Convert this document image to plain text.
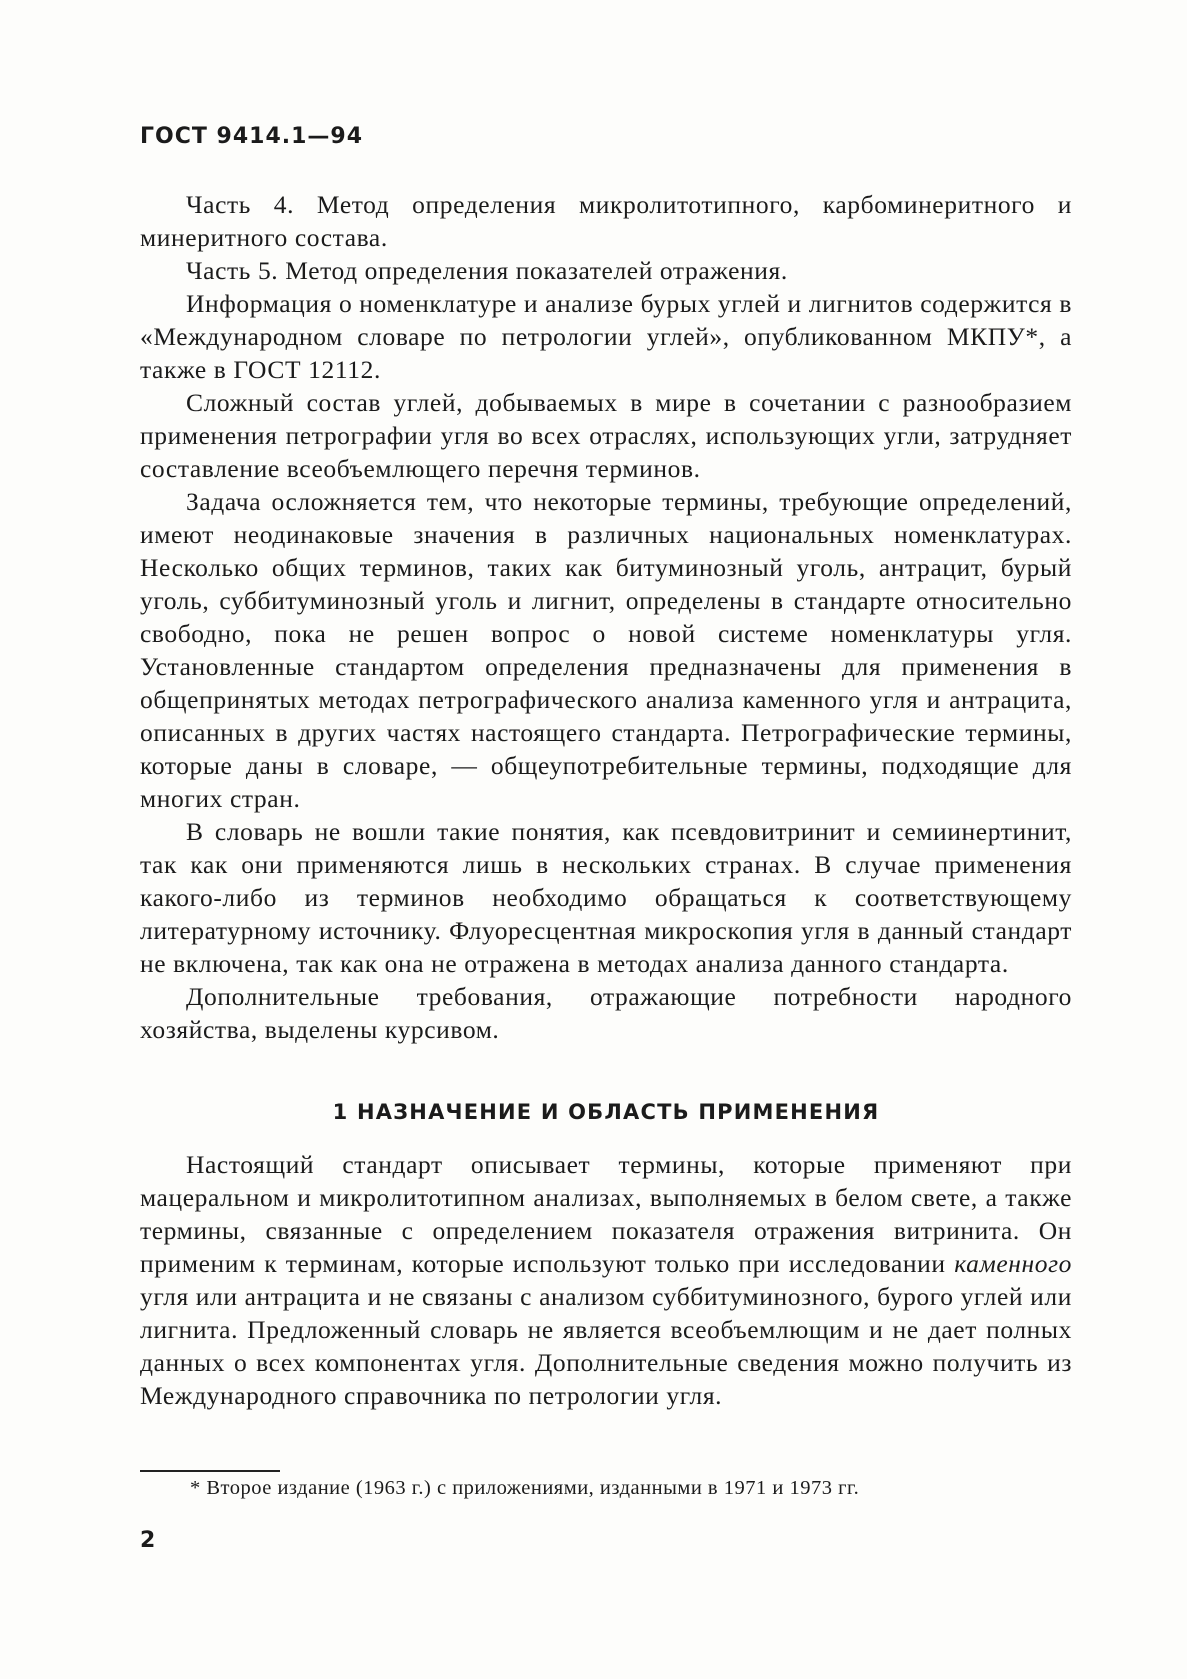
ГОСТ 9414.1—94

Часть 4. Метод определения микролитотипного, карбоминеритного и минеритного состава.

Часть 5. Метод определения показателей отражения.

Информация о номенклатуре и анализе бурых углей и лигнитов содержится в «Международном словаре по петрологии углей», опубликованном МКПУ*, а также в ГОСТ 12112.

Сложный состав углей, добываемых в мире в сочетании с разнообразием применения петрографии угля во всех отраслях, использующих угли, затрудняет составление всеобъемлющего перечня терминов.

Задача осложняется тем, что некоторые термины, требующие определений, имеют неодинаковые значения в различных национальных номенклатурах. Несколько общих терминов, таких как битуминозный уголь, антрацит, бурый уголь, суббитуминозный уголь и лигнит, определены в стандарте относительно свободно, пока не решен вопрос о новой системе номенклатуры угля. Установленные стандартом определения предназначены для применения в общепринятых методах петрографического анализа каменного угля и антрацита, описанных в других частях настоящего стандарта. Петрографические термины, которые даны в словаре, — общеупотребительные термины, подходящие для многих стран.

В словарь не вошли такие понятия, как псевдовитринит и семиинертинит, так как они применяются лишь в нескольких странах. В случае применения какого-либо из терминов необходимо обращаться к соответствующему литературному источнику. Флуоресцентная микроскопия угля в данный стандарт не включена, так как она не отражена в методах анализа данного стандарта.

Дополнительные требования, отражающие потребности народного хозяйства, выделены курсивом.

1 НАЗНАЧЕНИЕ И ОБЛАСТЬ ПРИМЕНЕНИЯ

Настоящий стандарт описывает термины, которые применяют при мацеральном и микролитотипном анализах, выполняемых в белом свете, а также термины, связанные с определением показателя отражения витринита. Он применим к терминам, которые используют только при исследовании каменного угля или антрацита и не связаны с анализом суббитуминозного, бурого углей или лигнита. Предложенный словарь не является всеобъемлющим и не дает полных данных о всех компонентах угля. Дополнительные сведения можно получить из Международного справочника по петрологии угля.

* Второе издание (1963 г.) с приложениями, изданными в 1971 и 1973 гг.
2
